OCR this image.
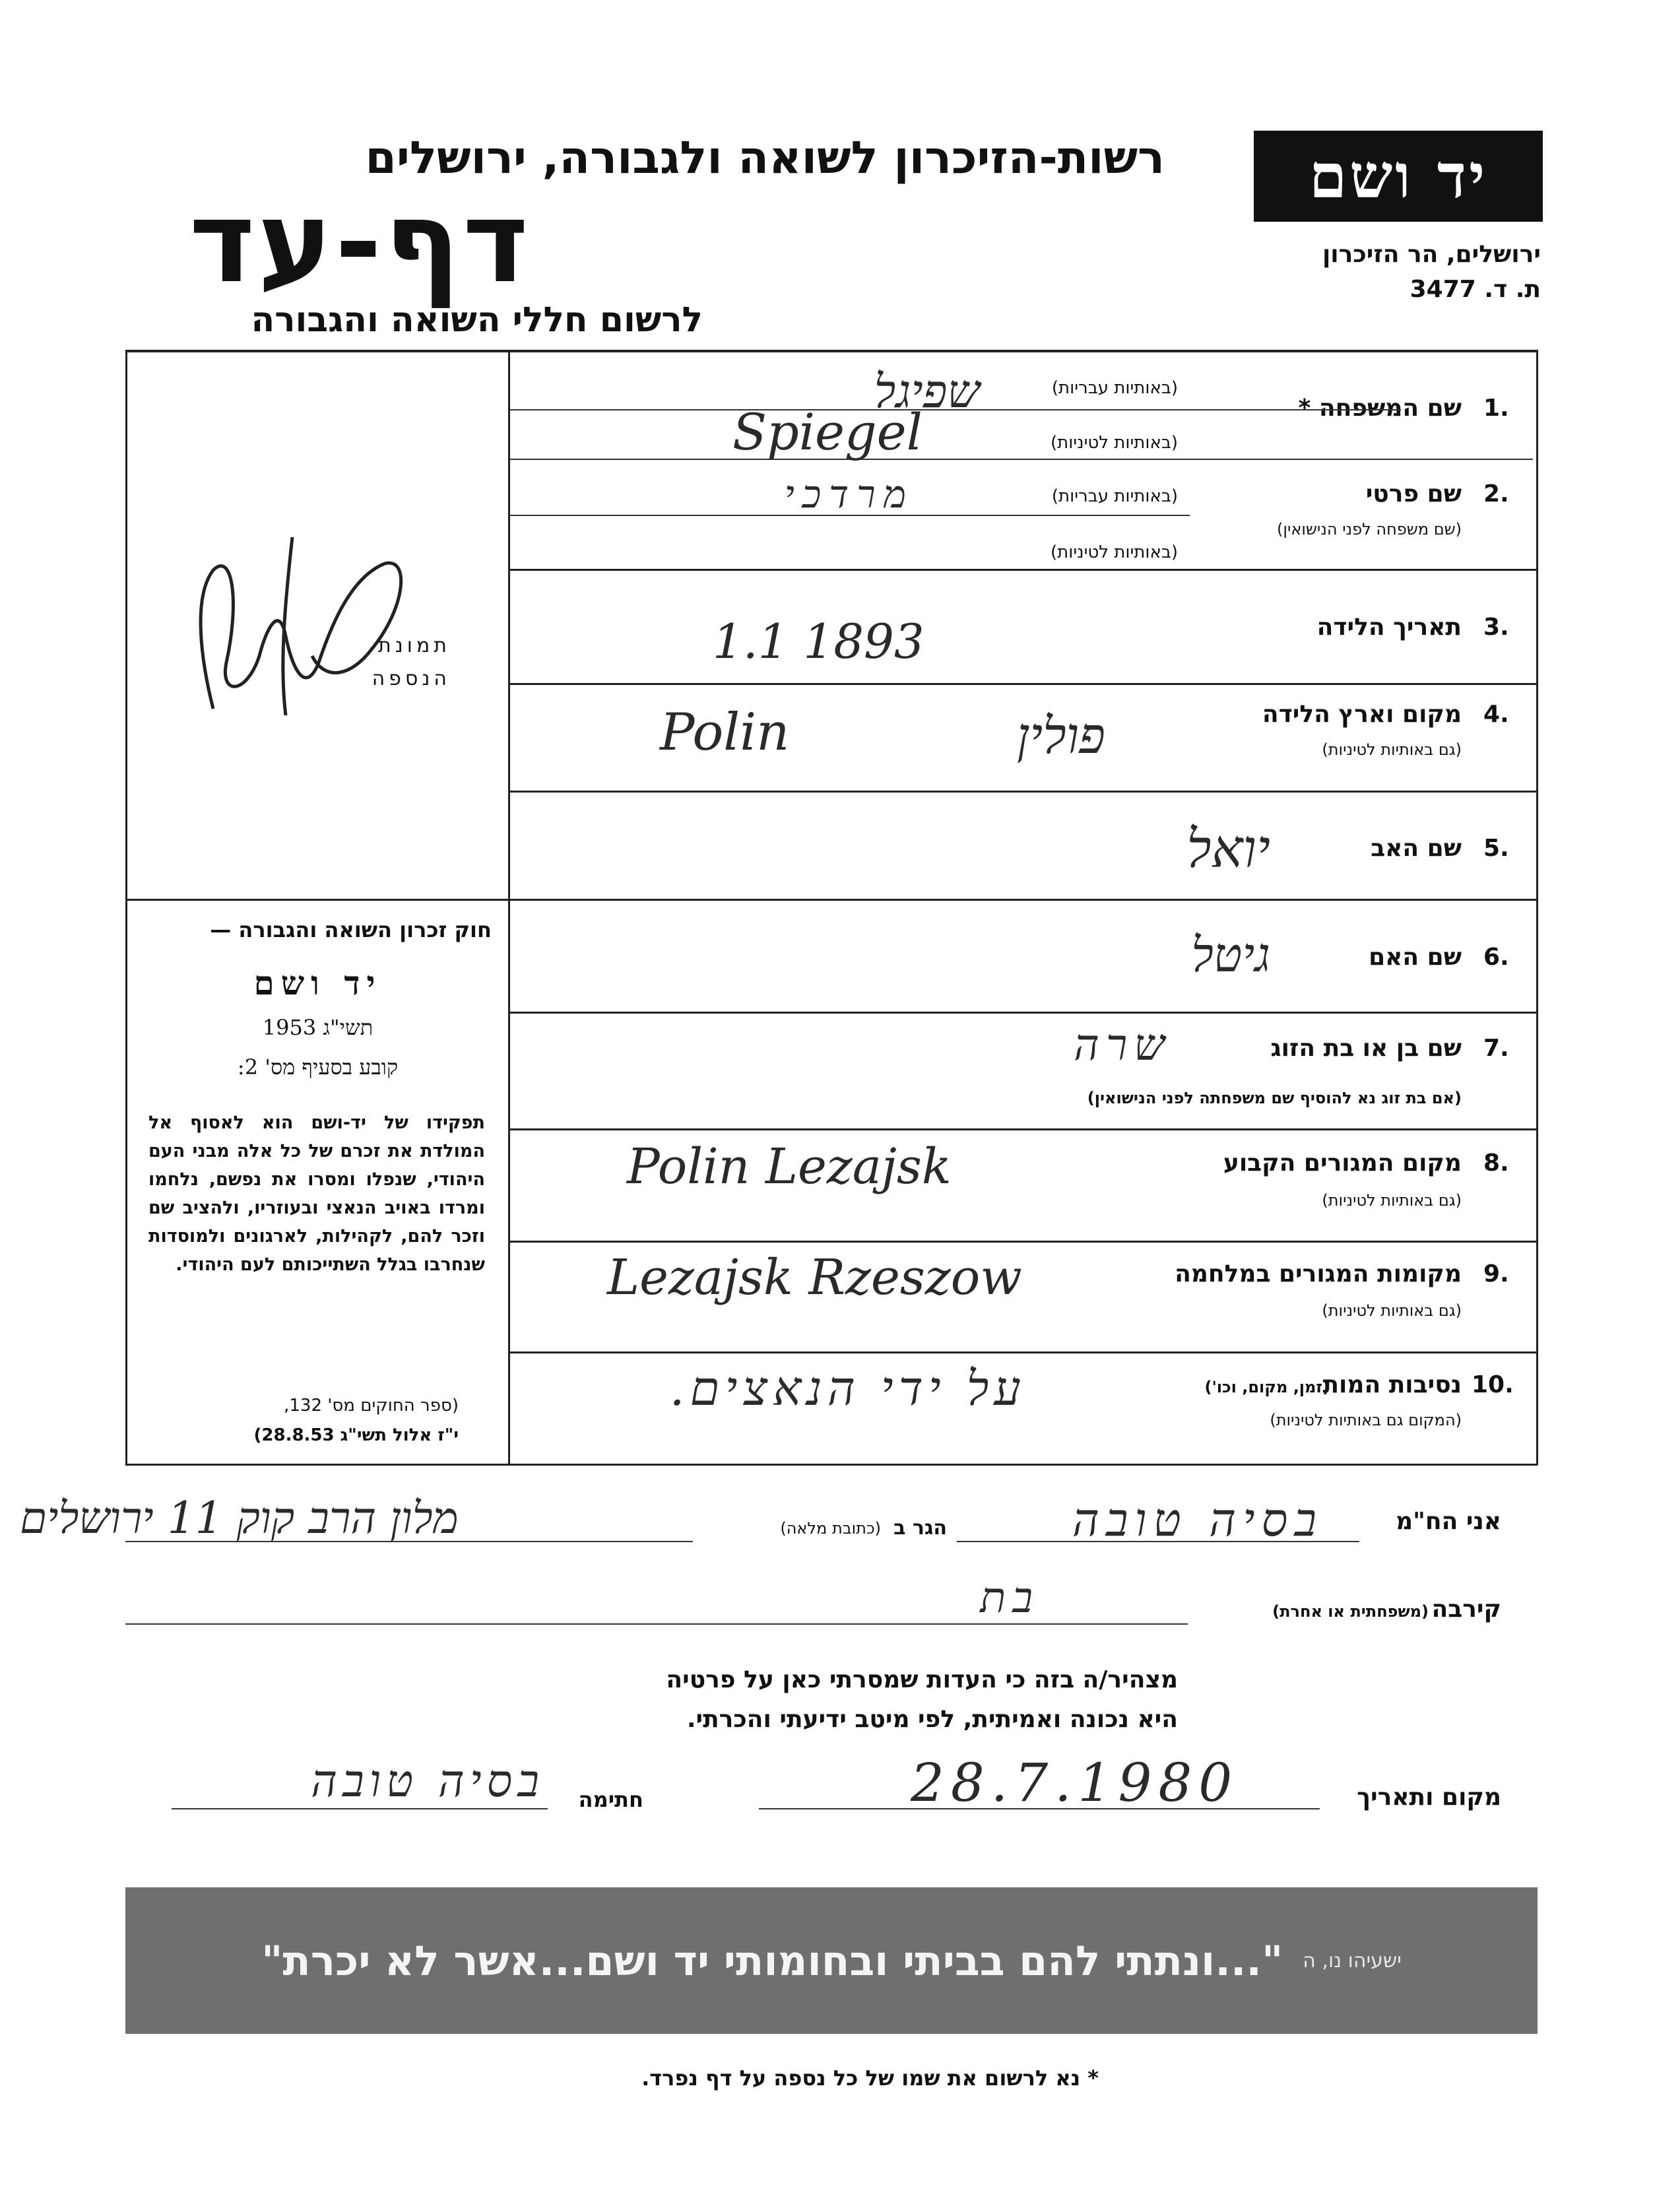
יד ושם
ירושלים, הר הזיכרון
ת. ד. 3477
רשות-הזיכרון לשואה ולגבורה, ירושלים
דף-עד
לרשום חללי השואה והגבורה
תמונת הנספה
חוק זכרון השואה והגבורה —
יד ושם
תשי"ג 1953
קובע בסעיף מס' 2:
תפקידו של יד-ושם הוא לאסוף אל המולדת את זכרם של כל אלה מבני העם היהודי, שנפלו ומסרו את נפשם, נלחמו ומרדו באויב הנאצי ובעוזריו, ולהציב שם וזכר להם, לקהילות, לארגונים ולמוסדות שנחרבו בגלל השתייכותם לעם היהודי.
(ספר החוקים מס' 132,
י"ז אלול תשי"ג 28.8.53)
1.
שם המשפחה *
(באותיות עבריות)
שפיגל
(באותיות לטיניות)
Spiegel
2.
שם פרטי
(שם משפחה לפני הנישואין)
(באותיות עבריות)
מרדכי
(באותיות לטיניות)
3.
תאריך הלידה
1.1 1893
4.
מקום וארץ הלידה
(גם באותיות לטיניות)
Polin	פולין
5.
שם האב
יואל
6.
שם האם
גיטל
7.
שם בן או בת הזוג
שרה
(אם בת זוג נא להוסיף שם משפחתה לפני הנישואין)
8.
מקום המגורים הקבוע
(גם באותיות לטיניות)
Polin Lezajsk
9.
מקומות המגורים במלחמה
(גם באותיות לטיניות)
Lezajsk Rzeszow
10.
נסיבות המות
(זמן, מקום, וכו')
(המקום גם באותיות לטיניות)
על ידי הנאצים.
אני הח"מ
בסיה טובה
הגר ב
(כתובת מלאה)
מלון הרב קוק 11 ירושלים
קירבה
(משפחתית או אחרת)
בת
מצהיר/ה בזה כי העדות שמסרתי כאן על פרטיה
היא נכונה ואמיתית, לפי מיטב ידיעתי והכרתי.
מקום ותאריך
28.7.1980
חתימה
בסיה טובה
"...ונתתי להם בביתי ובחומותי יד ושם...אשר לא יכרת" ישעיהו נו, ה
* נא לרשום את שמו של כל נספה על דף נפרד.
